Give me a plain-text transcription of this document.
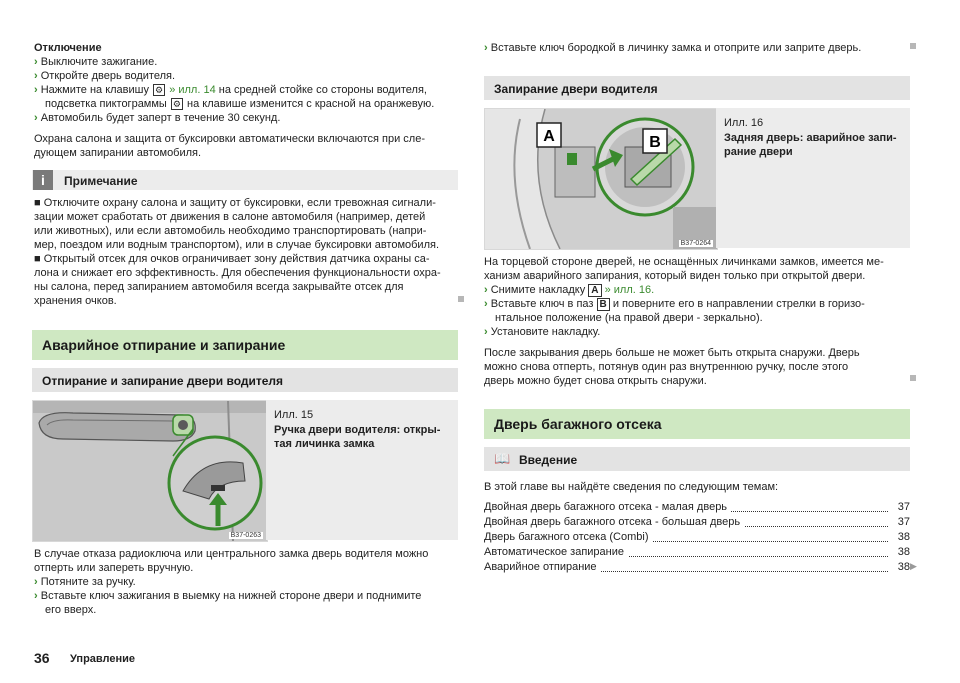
Отключение
› Выключите зажигание.
› Откройте дверь водителя.
› Нажмите на клавишу ⚙ » илл. 14 на средней стойке со стороны водителя,
подсветка пиктограммы ⚙ на клавише изменится с красной на оранжевую.
› Автомобиль будет заперт в течение 30 секунд.
Охрана салона и защита от буксировки автоматически включаются при сле-
дующем запирании автомобиля.
i	Примечание
■ Отключите охрану салона и защиту от буксировки, если тревожная сигнали-
зации может сработать от движения в салоне автомобиля (например, детей
или животных), или если автомобиль необходимо транспортировать (напри-
мер, поездом или водным транспортом), или в случае буксировки автомобиля.
■ Открытый отсек для очков ограничивает зону действия датчика охраны са-
лона и снижает его эффективность. Для обеспечения функциональности охра-
ны салона, перед запиранием автомобиля всегда закрывайте отсек для
хранения очков.
Аварийное отпирание и запирание
Отпирание и запирание двери водителя
B37-0263
Илл. 15
Ручка двери водителя: откры-
тая личинка замка
В случае отказа радиоключа или центрального замка дверь водителя можно
отперть или запереть вручную.
› Потяните за ручку.
› Вставьте ключ зажигания в выемку на нижней стороне двери и поднимите
его вверх.
36 Управление
› Вставьте ключ бородкой в личинку замка и отоприте или заприте дверь.
Запирание двери водителя
A	B
B37-0264
Илл. 16
Задняя дверь: аварийное запи-
рание двери
На торцевой стороне дверей, не оснащённых личинками замков, имеется ме-
ханизм аварийного запирания, который виден только при открытой двери.
› Снимите накладку A » илл. 16.
› Вставьте ключ в паз B и поверните его в направлении стрелки в горизо-
нтальное положение (на правой двери - зеркально).
› Установите накладку.
После закрывания дверь больше не может быть открыта снаружи. Дверь
можно снова отперть, потянув один раз внутреннюю ручку, после этого
дверь можно будет снова открыть снаружи.
Дверь багажного отсека
📖 Введение
В этой главе вы найдёте сведения по следующим темам:
Двойная дверь багажного отсека - малая дверь	37
Двойная дверь багажного отсека - большая дверь	37
Дверь багажного отсека (Combi)	38
Автоматическое запирание	38
Аварийное отпирание	38 ▶
